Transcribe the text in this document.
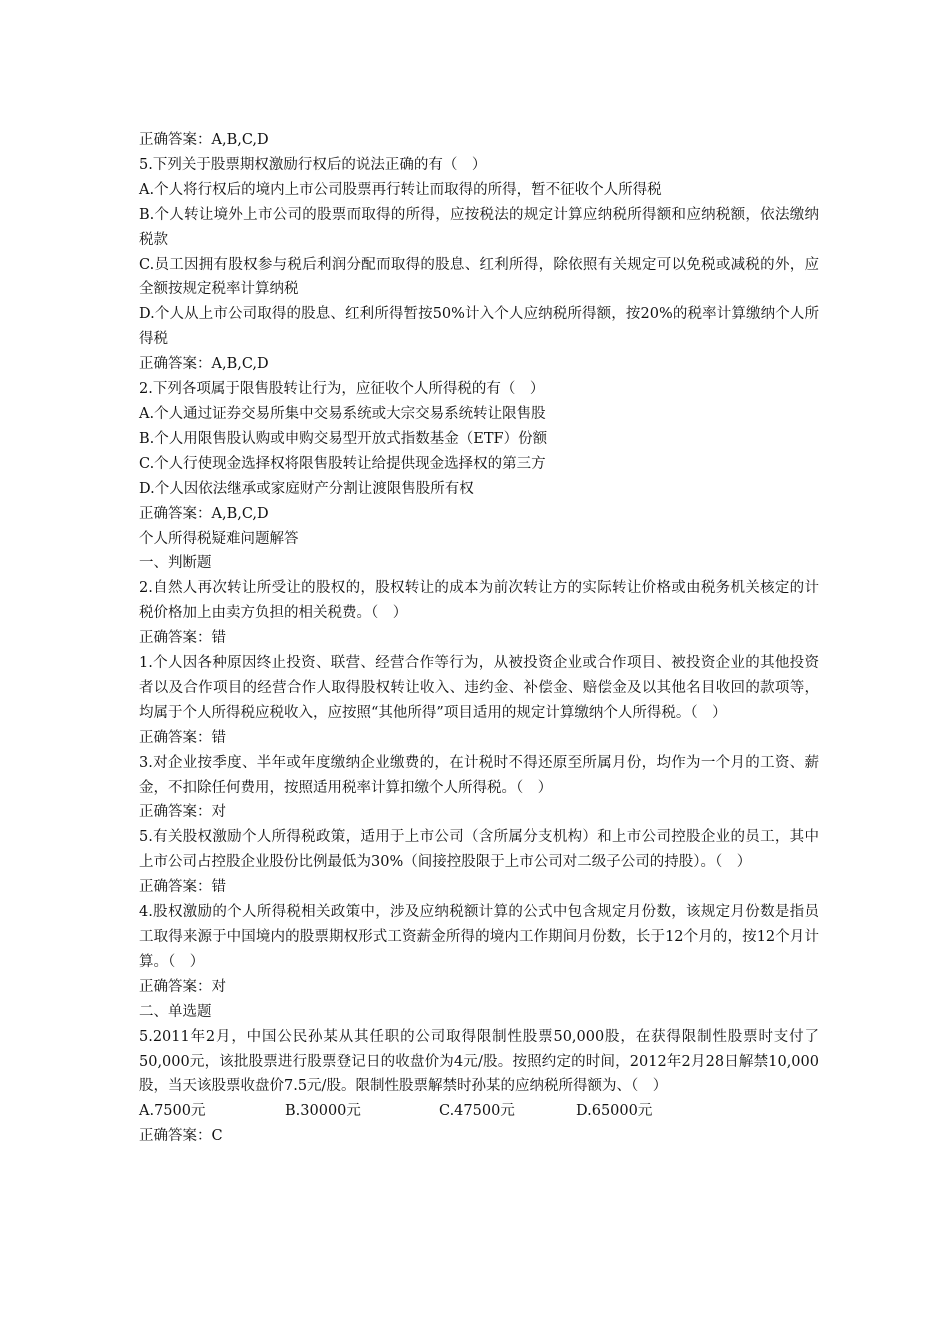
正确答案：A,B,C,D
5.下列关于股票期权激励行权后的说法正确的有（　）
A.个人将行权后的境内上市公司股票再行转让而取得的所得，暂不征收个人所得税
B.个人转让境外上市公司的股票而取得的所得，应按税法的规定计算应纳税所得额和应纳税额，依法缴纳税款
C.员工因拥有股权参与税后利润分配而取得的股息、红利所得，除依照有关规定可以免税或减税的外，应全额按规定税率计算纳税
D.个人从上市公司取得的股息、红利所得暂按50%计入个人应纳税所得额，按20%的税率计算缴纳个人所得税
正确答案：A,B,C,D
2.下列各项属于限售股转让行为，应征收个人所得税的有（　）
A.个人通过证券交易所集中交易系统或大宗交易系统转让限售股
B.个人用限售股认购或申购交易型开放式指数基金（ETF）份额
C.个人行使现金选择权将限售股转让给提供现金选择权的第三方
D.个人因依法继承或家庭财产分割让渡限售股所有权
正确答案：A,B,C,D
个人所得税疑难问题解答
一、判断题
2.自然人再次转让所受让的股权的，股权转让的成本为前次转让方的实际转让价格或由税务机关核定的计税价格加上由卖方负担的相关税费。（　）
正确答案：错
1.个人因各种原因终止投资、联营、经营合作等行为，从被投资企业或合作项目、被投资企业的其他投资者以及合作项目的经营合作人取得股权转让收入、违约金、补偿金、赔偿金及以其他名目收回的款项等，均属于个人所得税应税收入，应按照“其他所得”项目适用的规定计算缴纳个人所得税。（　）
正确答案：错
3.对企业按季度、半年或年度缴纳企业缴费的，在计税时不得还原至所属月份，均作为一个月的工资、薪金，不扣除任何费用，按照适用税率计算扣缴个人所得税。（　）
正确答案：对
5.有关股权激励个人所得税政策，适用于上市公司（含所属分支机构）和上市公司控股企业的员工，其中上市公司占控股企业股份比例最低为30%（间接控股限于上市公司对二级子公司的持股）。（　）
正确答案：错
4.股权激励的个人所得税相关政策中，涉及应纳税额计算的公式中包含规定月份数，该规定月份数是指员工取得来源于中国境内的股票期权形式工资薪金所得的境内工作期间月份数，长于12个月的，按12个月计算。（　）
正确答案：对
二、单选题
5.2011年2月，中国公民孙某从其任职的公司取得限制性股票50,000股，在获得限制性股票时支付了50,000元，该批股票进行股票登记日的收盘价为4元/股。按照约定的时间，2012年2月28日解禁10,000股，当天该股票收盘价7.5元/股。限制性股票解禁时孙某的应纳税所得额为、（　）
A.7500元	B.30000元	C.47500元	D.65000元
正确答案：C
